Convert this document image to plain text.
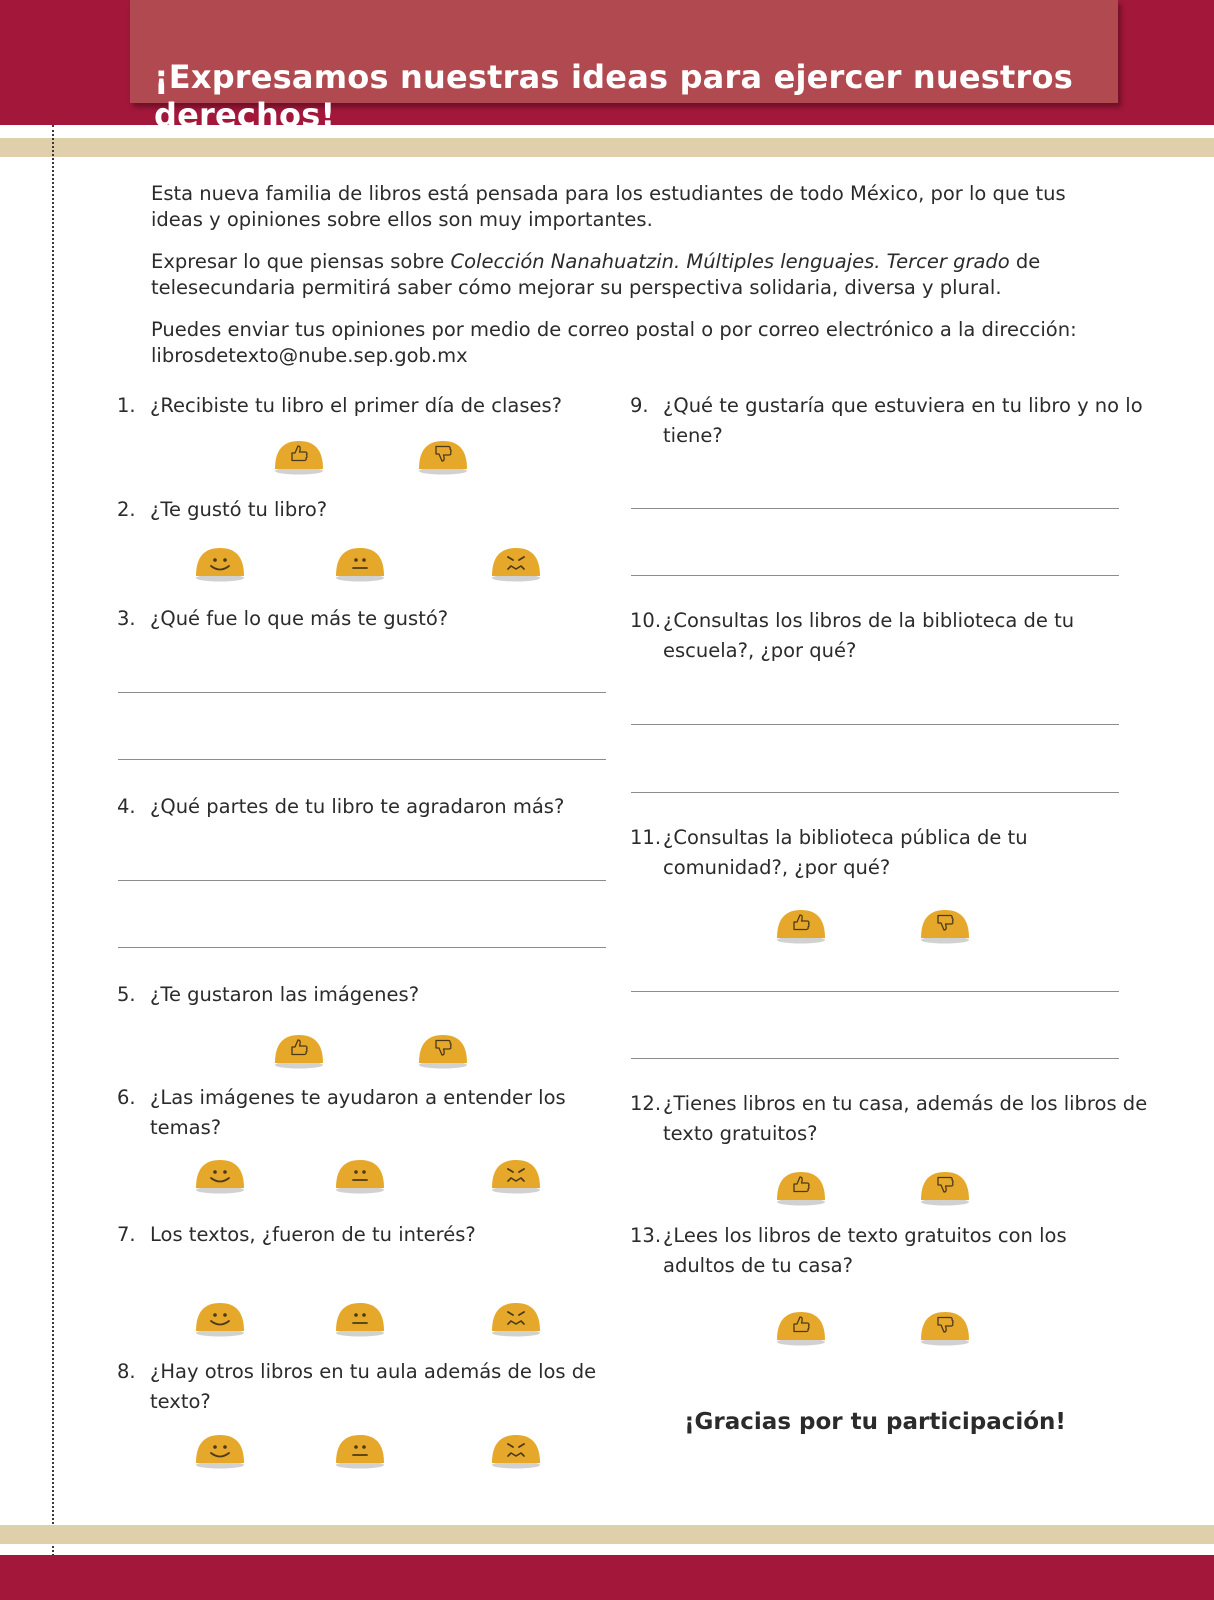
¡Expresamos nuestras ideas para ejercer nuestros derechos!

Esta nueva familia de libros está pensada para los estudiantes de todo México, por lo que tus ideas y opiniones sobre ellos son muy importantes.

Expresar lo que piensas sobre Colección Nanahuatzin. Múltiples lenguajes. Tercer grado de telesecundaria permitirá saber cómo mejorar su perspectiva solidaria, diversa y plural.

Puedes enviar tus opiniones por medio de correo postal o por correo electrónico a la dirección: librosdetexto@nube.sep.gob.mx

1. ¿Recibiste tu libro el primer día de clases?
2. ¿Te gustó tu libro?
3. ¿Qué fue lo que más te gustó?
4. ¿Qué partes de tu libro te agradaron más?
5. ¿Te gustaron las imágenes?
6. ¿Las imágenes te ayudaron a entender los
temas?
7. Los textos, ¿fueron de tu interés?
8. ¿Hay otros libros en tu aula además de los de
texto?
9. ¿Qué te gustaría que estuviera en tu libro y no lo
tiene?
10. ¿Consultas los libros de la biblioteca de tu
escuela?, ¿por qué?
11. ¿Consultas la biblioteca pública de tu
comunidad?, ¿por qué?
12. ¿Tienes libros en tu casa, además de los libros de
texto gratuitos?
13. ¿Lees los libros de texto gratuitos con los
adultos de tu casa?
¡Gracias por tu participación!
